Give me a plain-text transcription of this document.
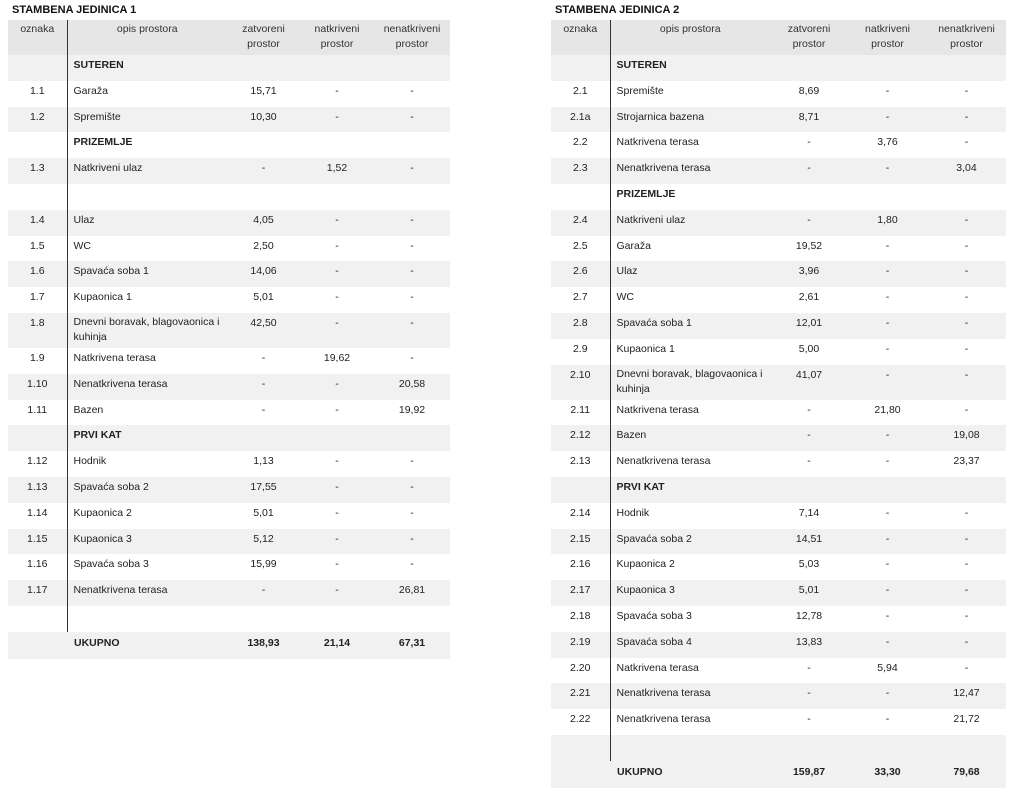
STAMBENA JEDINICA 1
oznaka	opis prostora	zatvoreni prostor	natkriveni prostor	nenatkriveni prostor
	SUTEREN			
1.1	Garaža	15,71	-	-
1.2	Spremište	10,30	-	-
	PRIZEMLJE			
1.3	Natkriveni ulaz	-	1,52	-

1.4	Ulaz	4,05	-	-
1.5	WC	2,50	-	-
1.6	Spavaća soba 1	14,06	-	-
1.7	Kupaonica 1	5,01	-	-
1.8	Dnevni boravak, blagovaonica i kuhinja	42,50	-	-
1.9	Natkrivena terasa	-	19,62	-
1.10	Nenatkrivena terasa	-	-	20,58
1.11	Bazen	-	-	19,92
	PRVI KAT			
1.12	Hodnik	1,13	-	-
1.13	Spavaća soba 2	17,55	-	-
1.14	Kupaonica 2	5,01	-	-
1.15	Kupaonica 3	5,12	-	-
1.16	Spavaća soba 3	15,99	-	-
1.17	Nenatkrivena terasa	-	-	26,81

	UKUPNO	138,93	21,14	67,31
STAMBENA JEDINICA 2
oznaka	opis prostora	zatvoreni prostor	natkriveni prostor	nenatkriveni prostor
	SUTEREN			
2.1	Spremište	8,69	-	-
2.1a	Strojarnica bazena	8,71	-	-
2.2	Natkrivena terasa	-	3,76	-
2.3	Nenatkrivena terasa	-	-	3,04
	PRIZEMLJE			
2.4	Natkriveni ulaz	-	1,80	-
2.5	Garaža	19,52	-	-
2.6	Ulaz	3,96	-	-
2.7	WC	2,61	-	-
2.8	Spavaća soba 1	12,01	-	-
2.9	Kupaonica 1	5,00	-	-
2.10	Dnevni boravak, blagovaonica i kuhinja	41,07	-	-
2.11	Natkrivena terasa	-	21,80	-
2.12	Bazen	-	-	19,08
2.13	Nenatkrivena terasa	-	-	23,37
	PRVI KAT			
2.14	Hodnik	7,14	-	-
2.15	Spavaća soba 2	14,51	-	-
2.16	Kupaonica 2	5,03	-	-
2.17	Kupaonica 3	5,01	-	-
2.18	Spavaća soba 3	12,78	-	-
2.19	Spavaća soba 4	13,83	-	-
2.20	Natkrivena terasa	-	5,94	-
2.21	Nenatkrivena terasa	-	-	12,47
2.22	Nenatkrivena terasa	-	-	21,72

	UKUPNO	159,87	33,30	79,68
